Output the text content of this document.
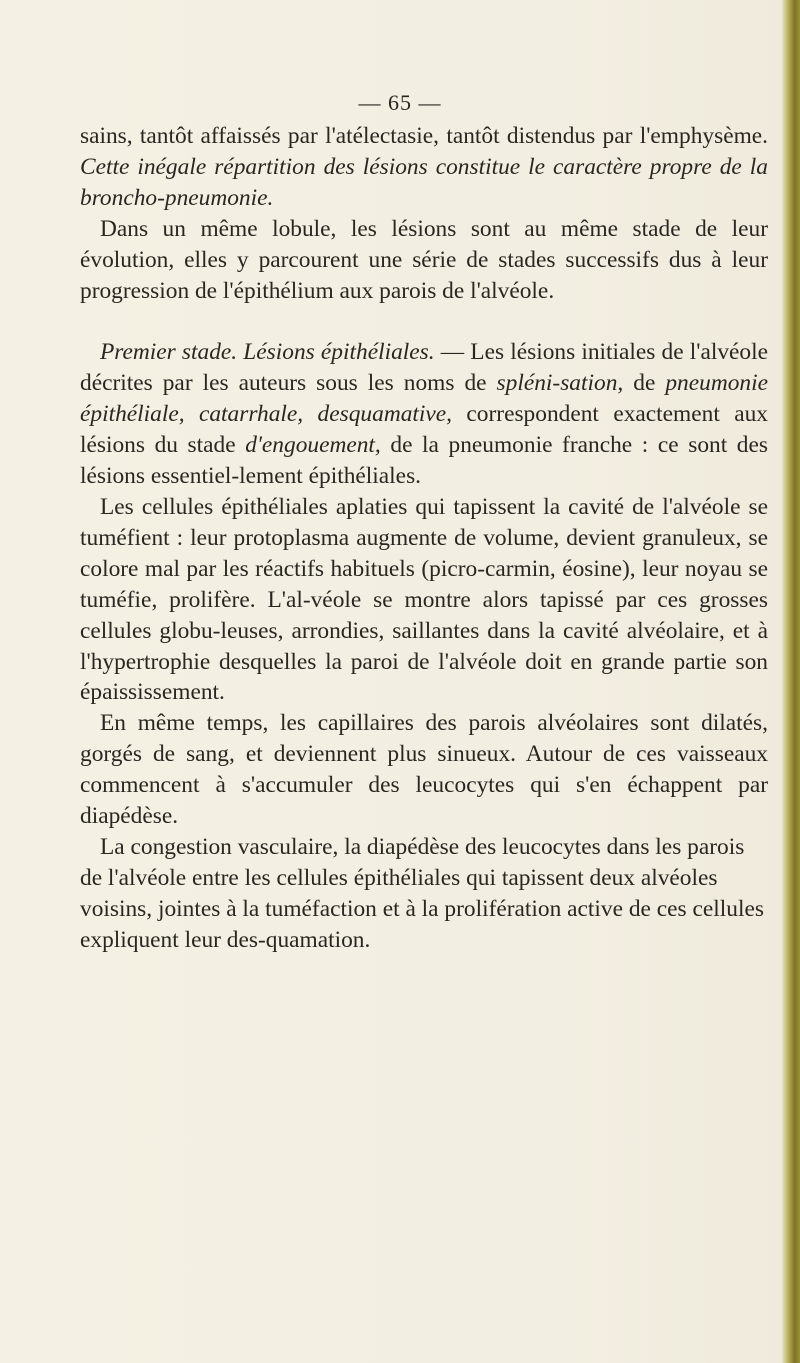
— 65 —

sains, tantôt affaissés par l'atélectasie, tantôt distendus par l'emphysème. Cette inégale répartition des lésions constitue le caractère propre de la broncho-pneumonie.

Dans un même lobule, les lésions sont au même stade de leur évolution, elles y parcourent une série de stades successifs dus à leur progression de l'épithélium aux parois de l'alvéole.

Premier stade. Lésions épithéliales. — Les lésions initiales de l'alvéole décrites par les auteurs sous les noms de spléni-sation, de pneumonie épithéliale, catarrhale, desquamative, correspondent exactement aux lésions du stade d'engouement, de la pneumonie franche : ce sont des lésions essentiel-lement épithéliales.

Les cellules épithéliales aplaties qui tapissent la cavité de l'alvéole se tuméfient : leur protoplasma augmente de volume, devient granuleux, se colore mal par les réactifs habituels (picro-carmin, éosine), leur noyau se tuméfie, prolifère. L'al-véole se montre alors tapissé par ces grosses cellules globu-leuses, arrondies, saillantes dans la cavité alvéolaire, et à l'hypertrophie desquelles la paroi de l'alvéole doit en grande partie son épaississement.

En même temps, les capillaires des parois alvéolaires sont dilatés, gorgés de sang, et deviennent plus sinueux. Autour de ces vaisseaux commencent à s'accumuler des leucocytes qui s'en échappent par diapédèse.

La congestion vasculaire, la diapédèse des leucocytes dans les parois de l'alvéole entre les cellules épithéliales qui tapissent deux alvéoles voisins, jointes à la tuméfaction et à la prolifération active de ces cellules expliquent leur des-quamation.
